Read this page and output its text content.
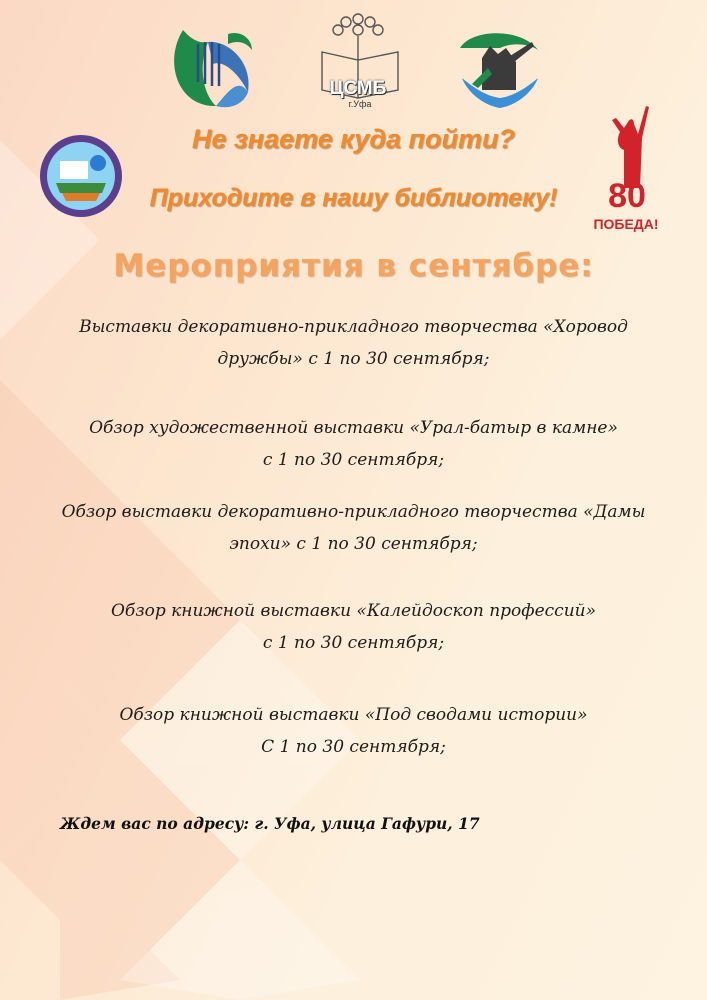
ЦСМБ
г.Уфа
80
ПОБЕДА!
Не знаете куда пойти?
Приходите в нашу библиотеку!
Мероприятия в сентябре:
Выставки декоративно-прикладного творчества «Хоровод
дружбы» с 1 по 30 сентября;
Обзор художественной выставки «Урал-батыр в камне»
с 1 по 30 сентября;
Обзор выставки декоративно-прикладного творчества «Дамы
эпохи» с 1 по 30 сентября;
Обзор книжной выставки «Калейдоскоп профессий»
с 1 по 30 сентября;
Обзор книжной выставки «Под сводами истории»
С 1 по 30 сентября;
Ждем вас по адресу: г. Уфа, улица Гафури, 17
